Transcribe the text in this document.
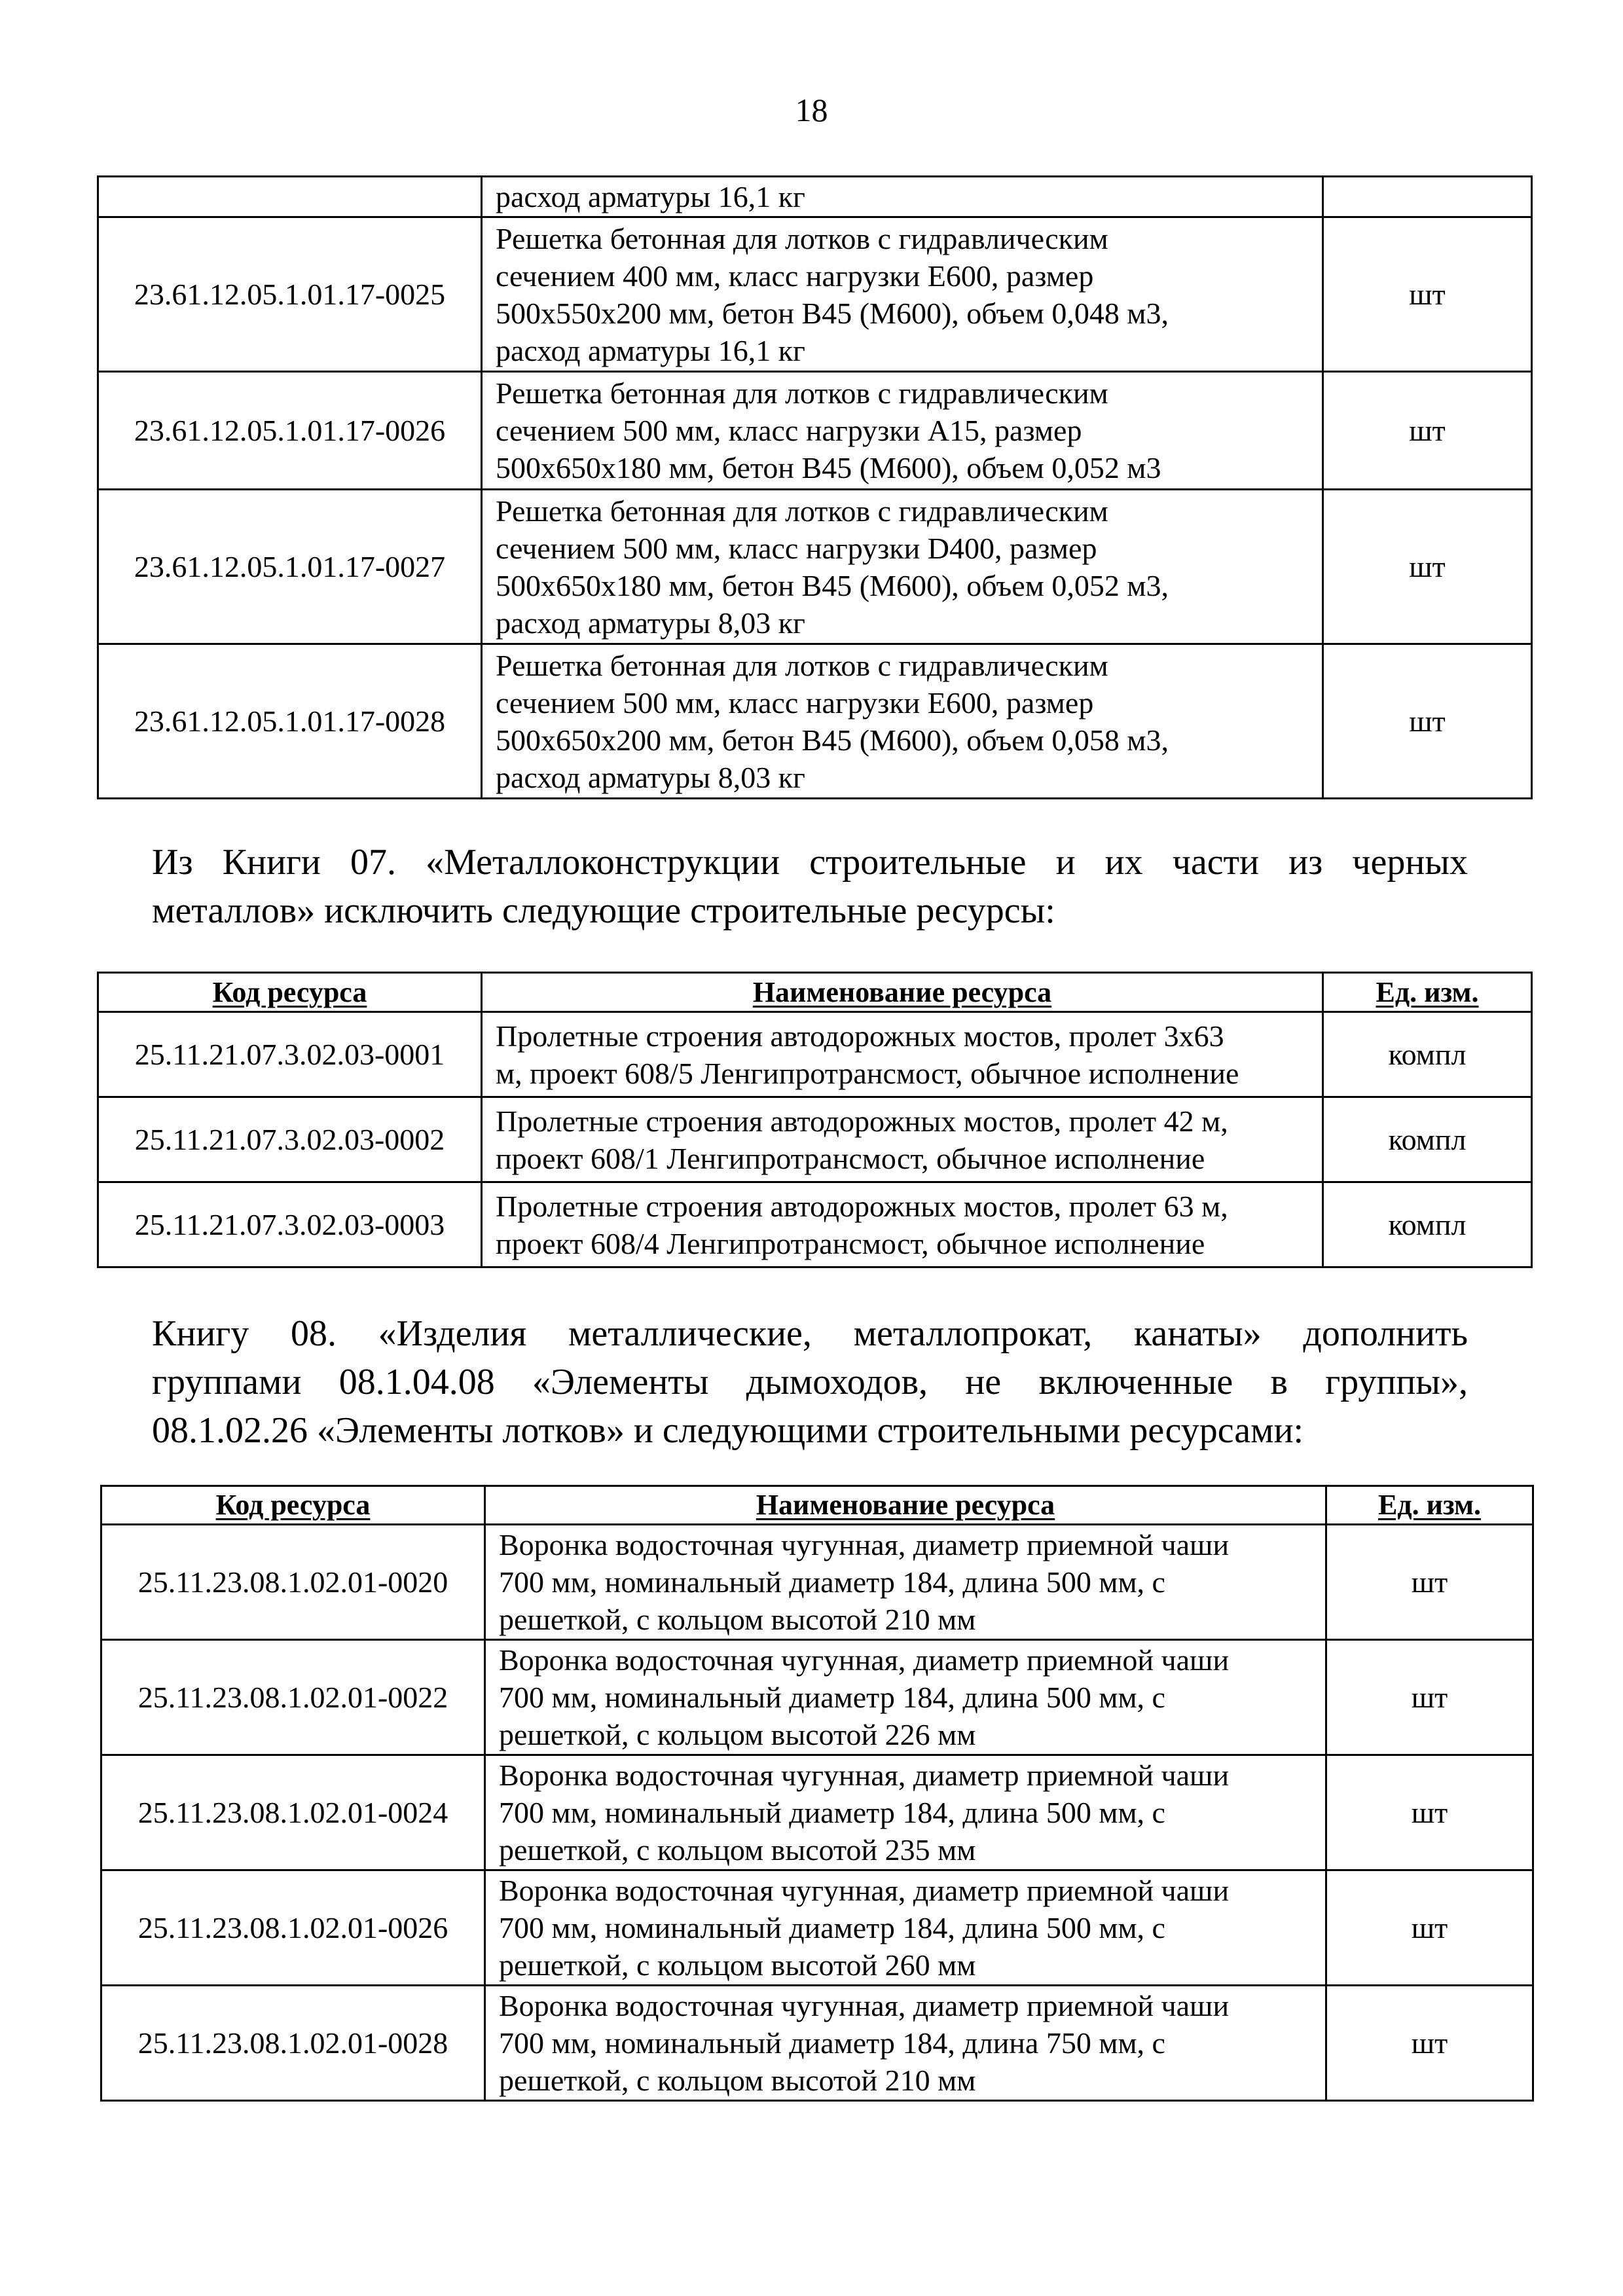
18

	расход арматуры 16,1 кг	

23.61.12.05.1.01.17-0025	Решетка бетонная для лотков с гидравлическим
сечением 400 мм, класс нагрузки Е600, размер
500х550х200 мм, бетон В45 (М600), объем 0,048 м3,
расход арматуры 16,1 кг	шт
23.61.12.05.1.01.17-0026	Решетка бетонная для лотков с гидравлическим
сечением 500 мм, класс нагрузки А15, размер
500х650х180 мм, бетон В45 (М600), объем 0,052 м3	шт
23.61.12.05.1.01.17-0027	Решетка бетонная для лотков с гидравлическим
сечением 500 мм, класс нагрузки D400, размер
500х650х180 мм, бетон В45 (М600), объем 0,052 м3,
расход арматуры 8,03 кг	шт
23.61.12.05.1.01.17-0028	Решетка бетонная для лотков с гидравлическим
сечением 500 мм, класс нагрузки Е600, размер
500х650х200 мм, бетон В45 (М600), объем 0,058 м3,
расход арматуры 8,03 кг	шт
Из Книги 07. «Металлоконструкции строительные и их части из черных
металлов» исключить следующие строительные ресурсы:
Код ресурса	Наименование ресурса	Ед. изм.
25.11.21.07.3.02.03-0001	Пролетные строения автодорожных мостов, пролет 3х63
м, проект 608/5 Ленгипротрансмост, обычное исполнение	компл
25.11.21.07.3.02.03-0002	Пролетные строения автодорожных мостов, пролет 42 м,
проект 608/1 Ленгипротрансмост, обычное исполнение	компл
25.11.21.07.3.02.03-0003	Пролетные строения автодорожных мостов, пролет 63 м,
проект 608/4 Ленгипротрансмост, обычное исполнение	компл
Книгу 08. «Изделия металлические, металлопрокат, канаты» дополнить
группами 08.1.04.08 «Элементы дымоходов, не включенные в группы»,
08.1.02.26 «Элементы лотков» и следующими строительными ресурсами:
Код ресурса	Наименование ресурса	Ед. изм.
25.11.23.08.1.02.01-0020	Воронка водосточная чугунная, диаметр приемной чаши
700 мм, номинальный диаметр 184, длина 500 мм, с
решеткой, с кольцом высотой 210 мм	шт
25.11.23.08.1.02.01-0022	Воронка водосточная чугунная, диаметр приемной чаши
700 мм, номинальный диаметр 184, длина 500 мм, с
решеткой, с кольцом высотой 226 мм	шт
25.11.23.08.1.02.01-0024	Воронка водосточная чугунная, диаметр приемной чаши
700 мм, номинальный диаметр 184, длина 500 мм, с
решеткой, с кольцом высотой 235 мм	шт
25.11.23.08.1.02.01-0026	Воронка водосточная чугунная, диаметр приемной чаши
700 мм, номинальный диаметр 184, длина 500 мм, с
решеткой, с кольцом высотой 260 мм	шт
25.11.23.08.1.02.01-0028	Воронка водосточная чугунная, диаметр приемной чаши
700 мм, номинальный диаметр 184, длина 750 мм, с
решеткой, с кольцом высотой 210 мм	шт
